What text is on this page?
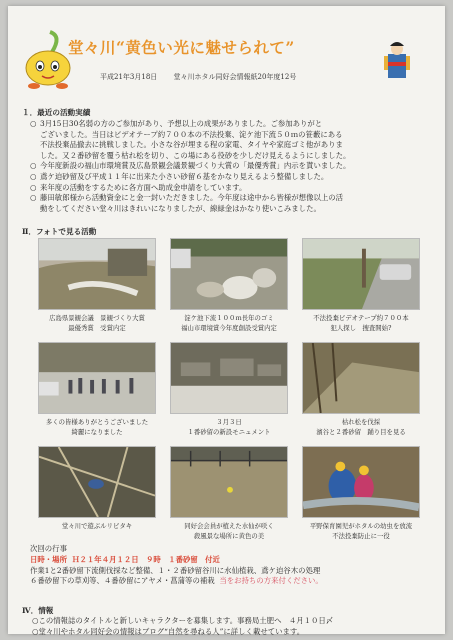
堂々川“黄色い光に魅せられて”
平成21年3月18日 堂々川ホタル同好会情報紙20年度12号
１．最近の活動実績
○ 3月15日30名弱の方のご参加があり、予想以上の成果がありました。ご参加ありがと
ございました。当日はビデオテープ約７００本の不法投棄、淀ケ池下流５０ｍの笹藪にある
不法投棄品撤去に挑戦しました。小さな谷が埋まる程の家電、タイヤや家庭ゴミ他がありま
した。又２番砂留を覆う枯れ松を切り、この場にある役砂を少しだけ見えるようにしました。
○ 今年度新設の福山市環境賞及広島景観会議景観づくり大賞の「最優秀賞」内示を貰いました。
○ 鳶ケ迫砂留及び平成１１年に出来た小さい砂留６基をかなり見えるよう整備しました。
○ 来年度の活動をするために各方面へ助成金申請をしています。
○ 藤田敏郎様から活動資金にと金一封いただきました。今年度は途中から皆様が想像以上の活
動をしてください堂々川はきれいになりましたが、線緑金はかなり使いこみました。
Ⅱ．フォトで見る活動
広島県景観会議　景観づくり大賞
最優秀賞　受賞内定
淀ケ池下流１００ｍ長年のゴミ
福山市環境賞今年度創設受賞内定
不法投棄ビデオテープ約７００本
犯人探し　捜査開始?
多くの皆様ありがとうございました
綺麗になりました
３月３日
１番砂留の新設モニュメント
枯れ松を伐採
濱谷と２番砂留　踊り目を見る
堂々川で遊ぶルリビタキ	同好会会員が植えた水仙が咲く
殺風景な場所に黄色の美
平野保育園児がホタルの幼虫を放流
不法投棄防止に一役
次回の行事
日時・場所 Ｈ２１年４月１２日　９時　１番砂留　付近
作業1と2番砂留下流側伐採など整備、１・２番砂留谷川に水仙植栽、鳶ケ迫谷木の処理
６番砂留下の草刈等、４番砂留にアヤメ・菖蒲等の補栽 当をお持ちの方来付ください。
Ⅳ．情報
○この情報誌のタイトルと新しいキャラクターを募集します。事務局土肥へ　４月１０日〆
○堂々川やホタル同好会の情報はブログ“自然を尋ねる人”に詳しく載せています。
